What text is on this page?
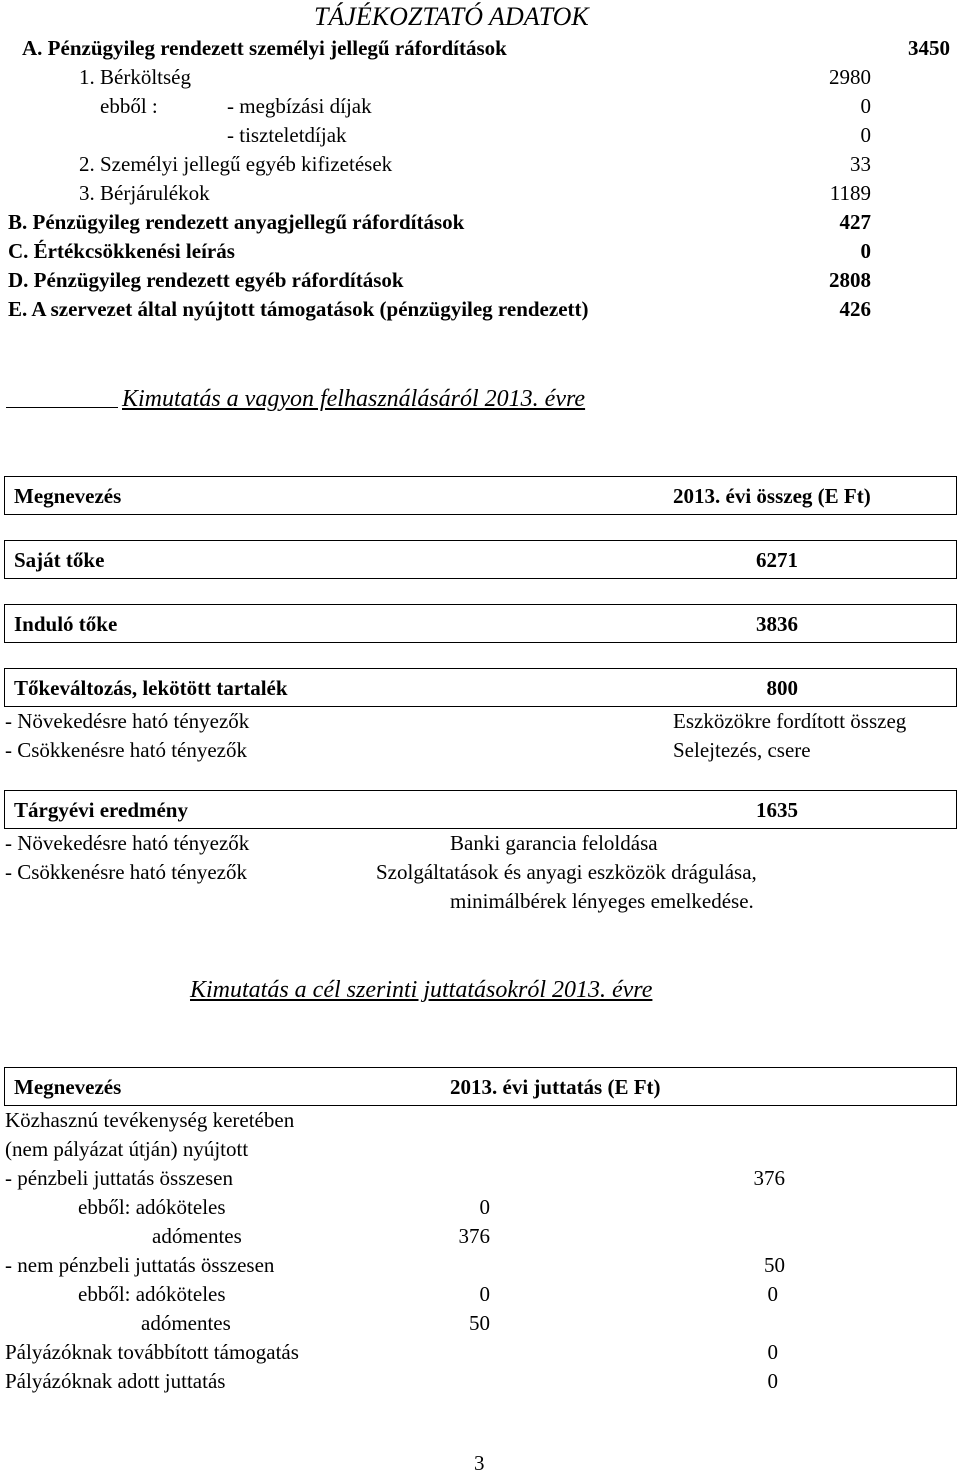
TÁJÉKOZTATÓ ADATOK
A. Pénzügyileg rendezett személyi jellegű ráfordítások	3450
1. Bérköltség	2980
ebből :	- megbízási díjak	0
- tiszteletdíjak	0
2. Személyi jellegű egyéb kifizetések	33
3. Bérjárulékok	1189
B. Pénzügyileg rendezett anyagjellegű ráfordítások	427
C. Értékcsökkenési leírás	0
D. Pénzügyileg rendezett egyéb ráfordítások	2808
E. A szervezet által nyújtott támogatások (pénzügyileg rendezett)	426
Kimutatás a vagyon felhasználásáról 2013. évre
Megnevezés	2013. évi összeg (E Ft)
Saját tőke	6271
Induló tőke	3836
Tőkeváltozás, lekötött tartalék	800
- Növekedésre ható tényezők	Eszközökre fordított összeg
- Csökkenésre ható tényezők	Selejtezés, csere
Tárgyévi eredmény	1635
- Növekedésre ható tényezők	Banki garancia feloldása
- Csökkenésre ható tényezők	Szolgáltatások és anyagi eszközök drágulása,
minimálbérek lényeges emelkedése.
Kimutatás a cél szerinti juttatásokról 2013. évre
Megnevezés	2013. évi juttatás (E Ft)
Közhasznú tevékenység keretében
(nem pályázat útján) nyújtott
- pénzbeli juttatás összesen	376
ebből: adóköteles	0
adómentes	376
- nem pénzbeli juttatás összesen	50
ebből: adóköteles	0	0
adómentes	50
Pályázóknak továbbított támogatás	0
Pályázóknak adott juttatás	0
3
